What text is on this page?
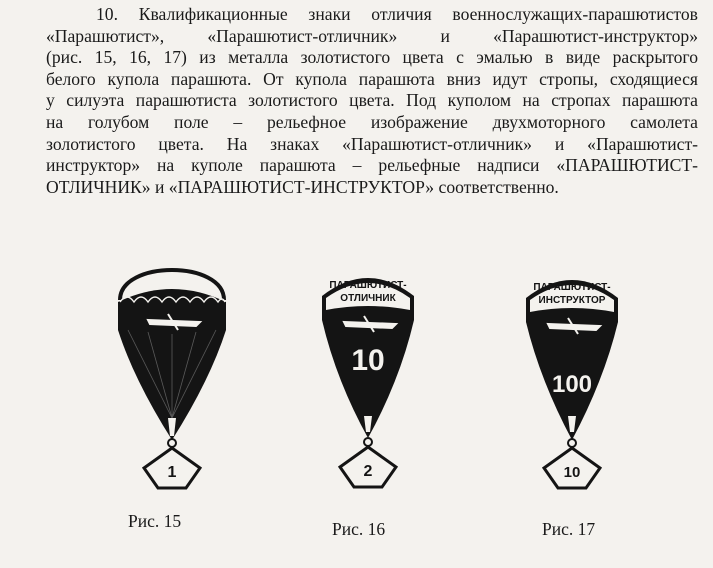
10. Квалификационные знаки отличия военнослужащих-парашютистов
«Парашютист», «Парашютист-отличник» и «Парашютист-инструктор»
(рис. 15, 16, 17) из металла золотистого цвета с эмалью в виде раскрытого
белого купола парашюта. От купола парашюта вниз идут стропы, сходящиеся
у силуэта парашютиста золотистого цвета. Под куполом на стропах парашюта
на голубом поле – рельефное изображение двухмоторного самолета
золотистого цвета. На знаках «Парашютист-отличник» и «Парашютист-
инструктор» на куполе парашюта – рельефные надписи «ПАРАШЮТИСТ-
ОТЛИЧНИК» и «ПАРАШЮТИСТ-ИНСТРУКТОР» соответственно.
1
ПАРАШЮТИСТ-
ОТЛИЧНИК
10
2
ПАРАШЮТИСТ-
ИНСТРУКТОР
100
10
Рис. 15	Рис. 16	Рис. 17
